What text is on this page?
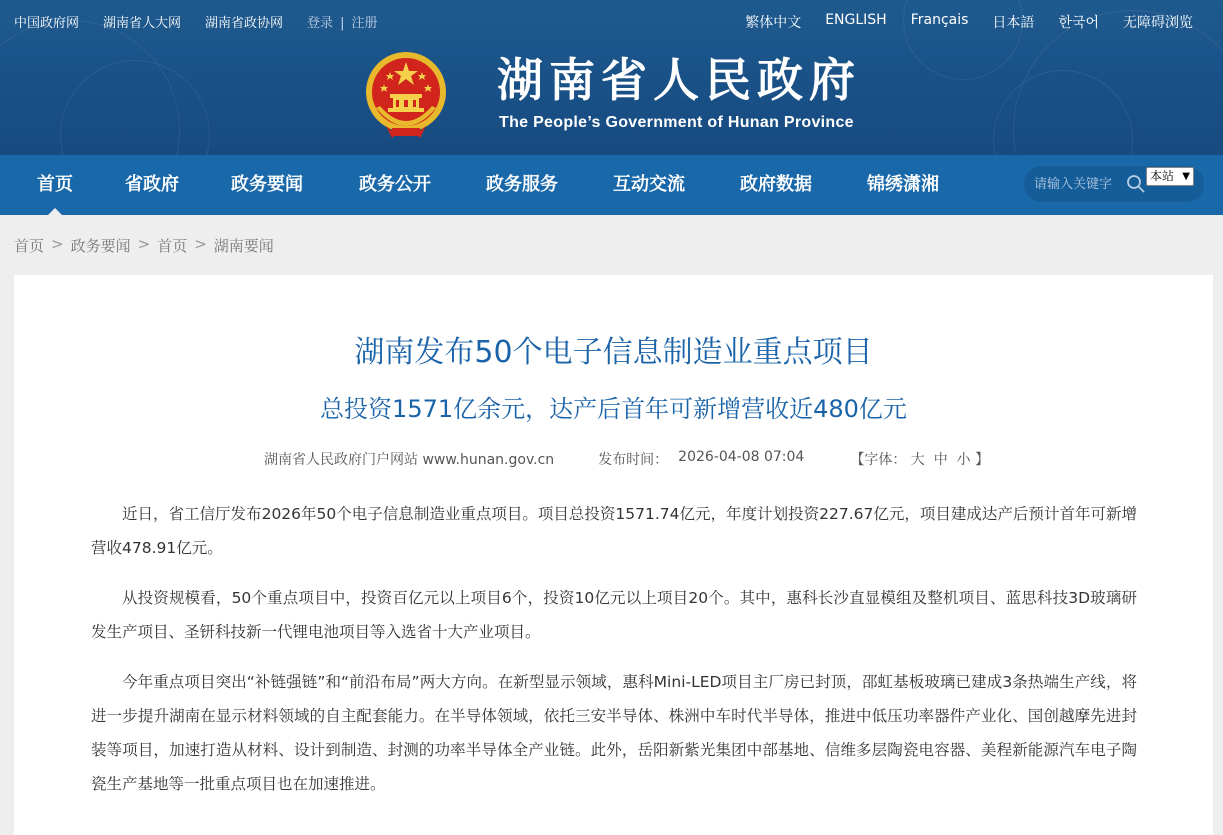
中国政府网 湖南省人大网 湖南省政协网 登录 | 注册	繁体中文 ENGLISH Français 日本語 한국어 无障碍浏览
湖南省人民政府
The People’s Government of Hunan Province
首页	省政府	政务要闻	政务公开	政务服务	互动交流	政府数据	锦绣潇湘
请输入关键字	本站 ▼
首页 > 政务要闻 > 首页 > 湖南要闻
湖南发布50个电子信息制造业重点项目
总投资1571亿余元，达产后首年可新增营收近480亿元
湖南省人民政府门户网站 www.hunan.gov.cn	发布时间： 2026-04-08 07:04	【字体： 大 中 小 】

近日，省工信厅发布2026年50个电子信息制造业重点项目。项目总投资1571.74亿元，年度计划投资227.67亿元，项目建成达产后预计首年可新增营收478.91亿元。

从投资规模看，50个重点项目中，投资百亿元以上项目6个，投资10亿元以上项目20个。其中，惠科长沙直显模组及整机项目、蓝思科技3D玻璃研发生产项目、圣钘科技新一代锂电池项目等入选省十大产业项目。

今年重点项目突出“补链强链”和“前沿布局”两大方向。在新型显示领域，惠科Mini-LED项目主厂房已封顶，邵虹基板玻璃已建成3条热端生产线，将进一步提升湖南在显示材料领域的自主配套能力。在半导体领域，依托三安半导体、株洲中车时代半导体，推进中低压功率器件产业化、国创越摩先进封装等项目，加速打造从材料、设计到制造、封测的功率半导体全产业链。此外，岳阳新紫光集团中部基地、信维多层陶瓷电容器、美程新能源汽车电子陶瓷生产基地等一批重点项目也在加速推进。
